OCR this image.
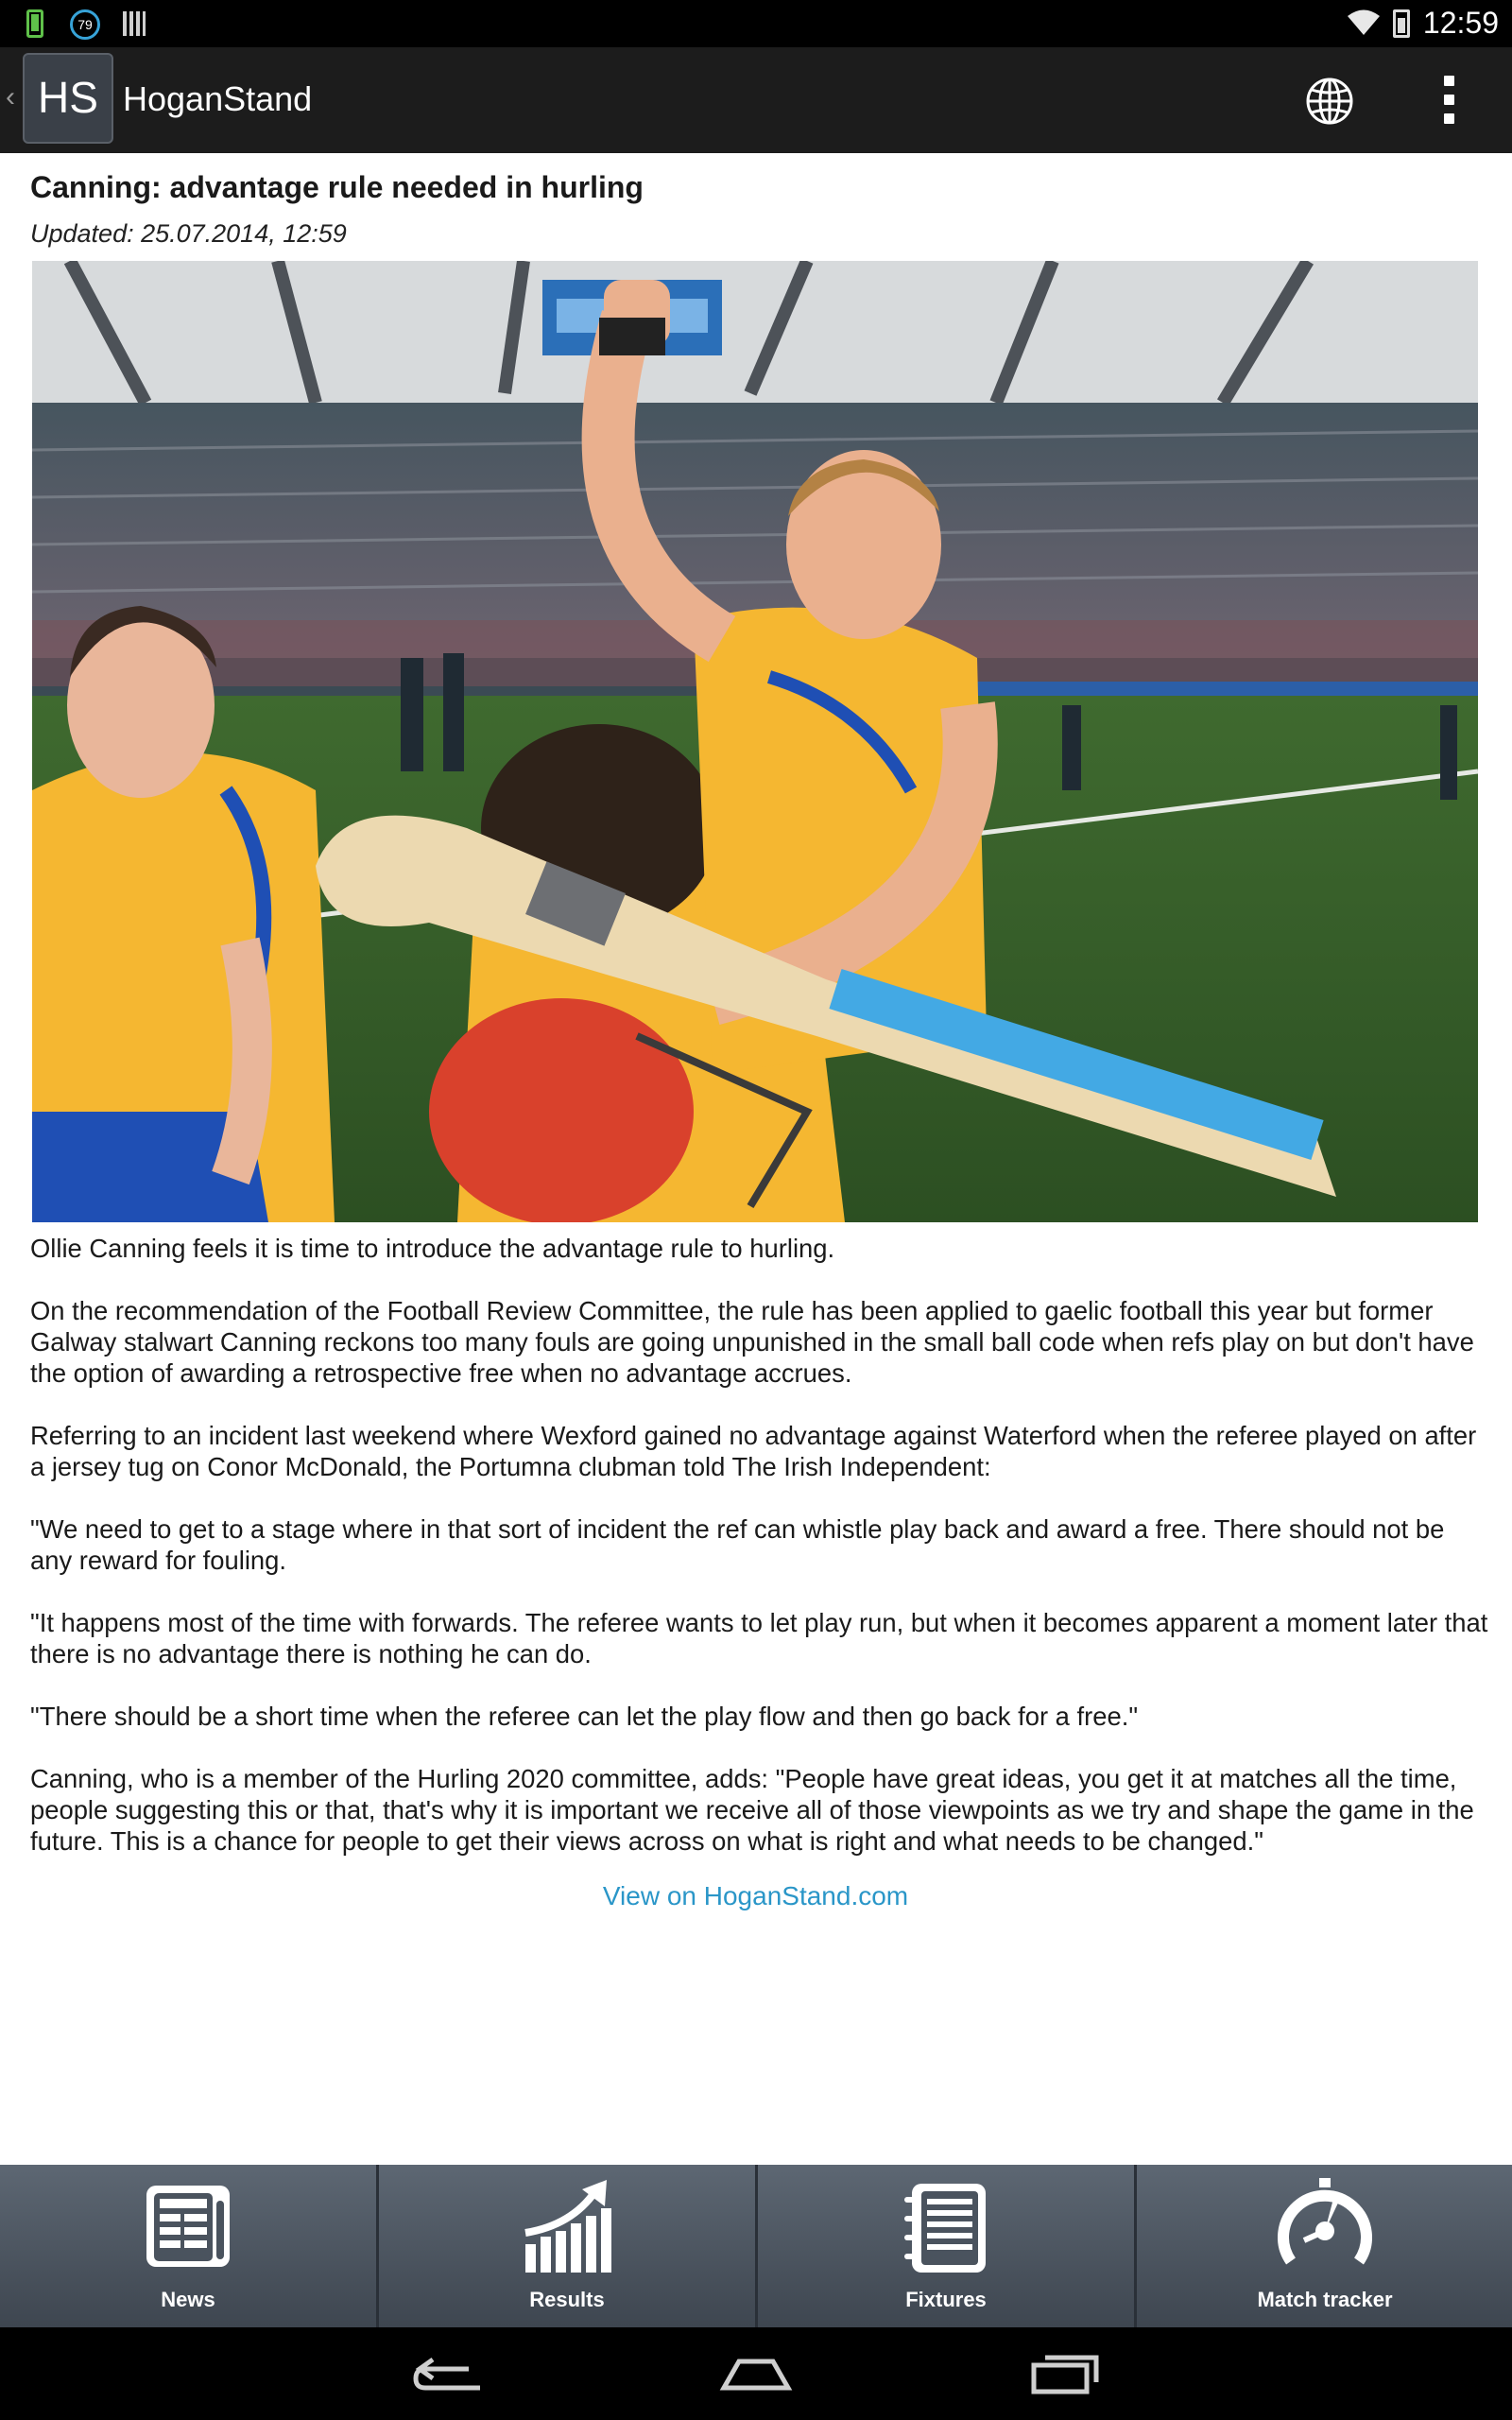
79	12:59
‹ HS HoganStand
Canning: advantage rule needed in hurling
Updated: 25.07.2014, 12:59

Ollie Canning feels it is time to introduce the advantage rule to hurling.

On the recommendation of the Football Review Committee, the rule has been applied to gaelic football this year but former Galway stalwart Canning reckons too many fouls are going unpunished in the small ball code when refs play on but don't have the option of awarding a retrospective free when no advantage accrues.

Referring to an incident last weekend where Wexford gained no advantage against Waterford when the referee played on after a jersey tug on Conor McDonald, the Portumna clubman told The Irish Independent:

"We need to get to a stage where in that sort of incident the ref can whistle play back and award a free. There should not be any reward for fouling.

"It happens most of the time with forwards. The referee wants to let play run, but when it becomes apparent a moment later that there is no advantage there is nothing he can do.

"There should be a short time when the referee can let the play flow and then go back for a free."

Canning, who is a member of the Hurling 2020 committee, adds: "People have great ideas, you get it at matches all the time, people suggesting this or that, that's why it is important we receive all of those viewpoints as we try and shape the game in the future. This is a chance for people to get their views across on what is right and what needs to be changed."

View on HoganStand.com
News	Results	Fixtures	Match tracker
